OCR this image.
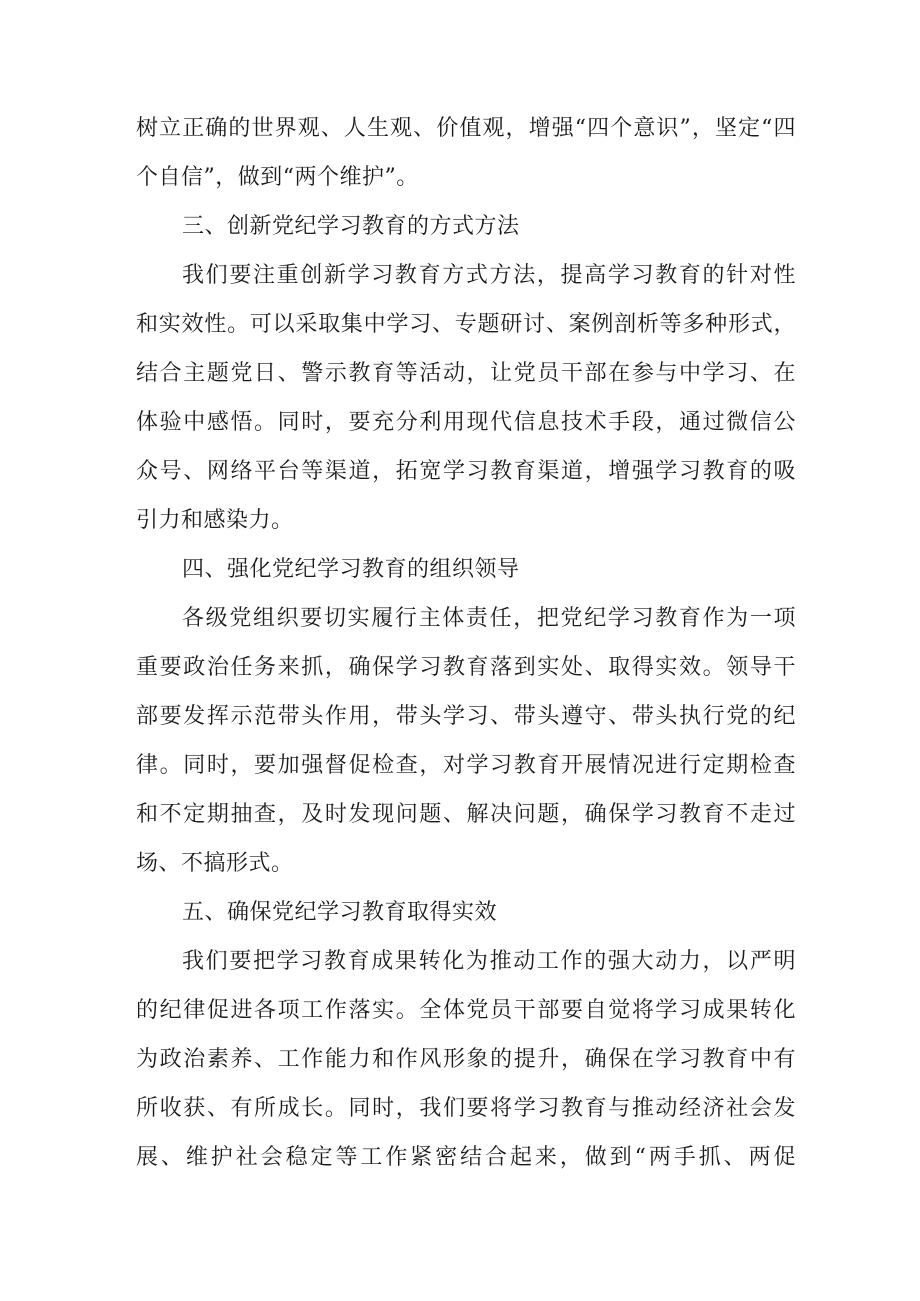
树立正确的世界观、人生观、价值观，增强“四个意识”，坚定“四
个自信”，做到“两个维护”。
三、创新党纪学习教育的方式方法
我们要注重创新学习教育方式方法，提高学习教育的针对性
和实效性。可以采取集中学习、专题研讨、案例剖析等多种形式，
结合主题党日、警示教育等活动，让党员干部在参与中学习、在
体验中感悟。同时，要充分利用现代信息技术手段，通过微信公
众号、网络平台等渠道，拓宽学习教育渠道，增强学习教育的吸
引力和感染力。
四、强化党纪学习教育的组织领导
各级党组织要切实履行主体责任，把党纪学习教育作为一项
重要政治任务来抓，确保学习教育落到实处、取得实效。领导干
部要发挥示范带头作用，带头学习、带头遵守、带头执行党的纪
律。同时，要加强督促检查，对学习教育开展情况进行定期检查
和不定期抽查，及时发现问题、解决问题，确保学习教育不走过
场、不搞形式。
五、确保党纪学习教育取得实效
我们要把学习教育成果转化为推动工作的强大动力，以严明
的纪律促进各项工作落实。全体党员干部要自觉将学习成果转化
为政治素养、工作能力和作风形象的提升，确保在学习教育中有
所收获、有所成长。同时，我们要将学习教育与推动经济社会发
展、维护社会稳定等工作紧密结合起来，做到“两手抓、两促
